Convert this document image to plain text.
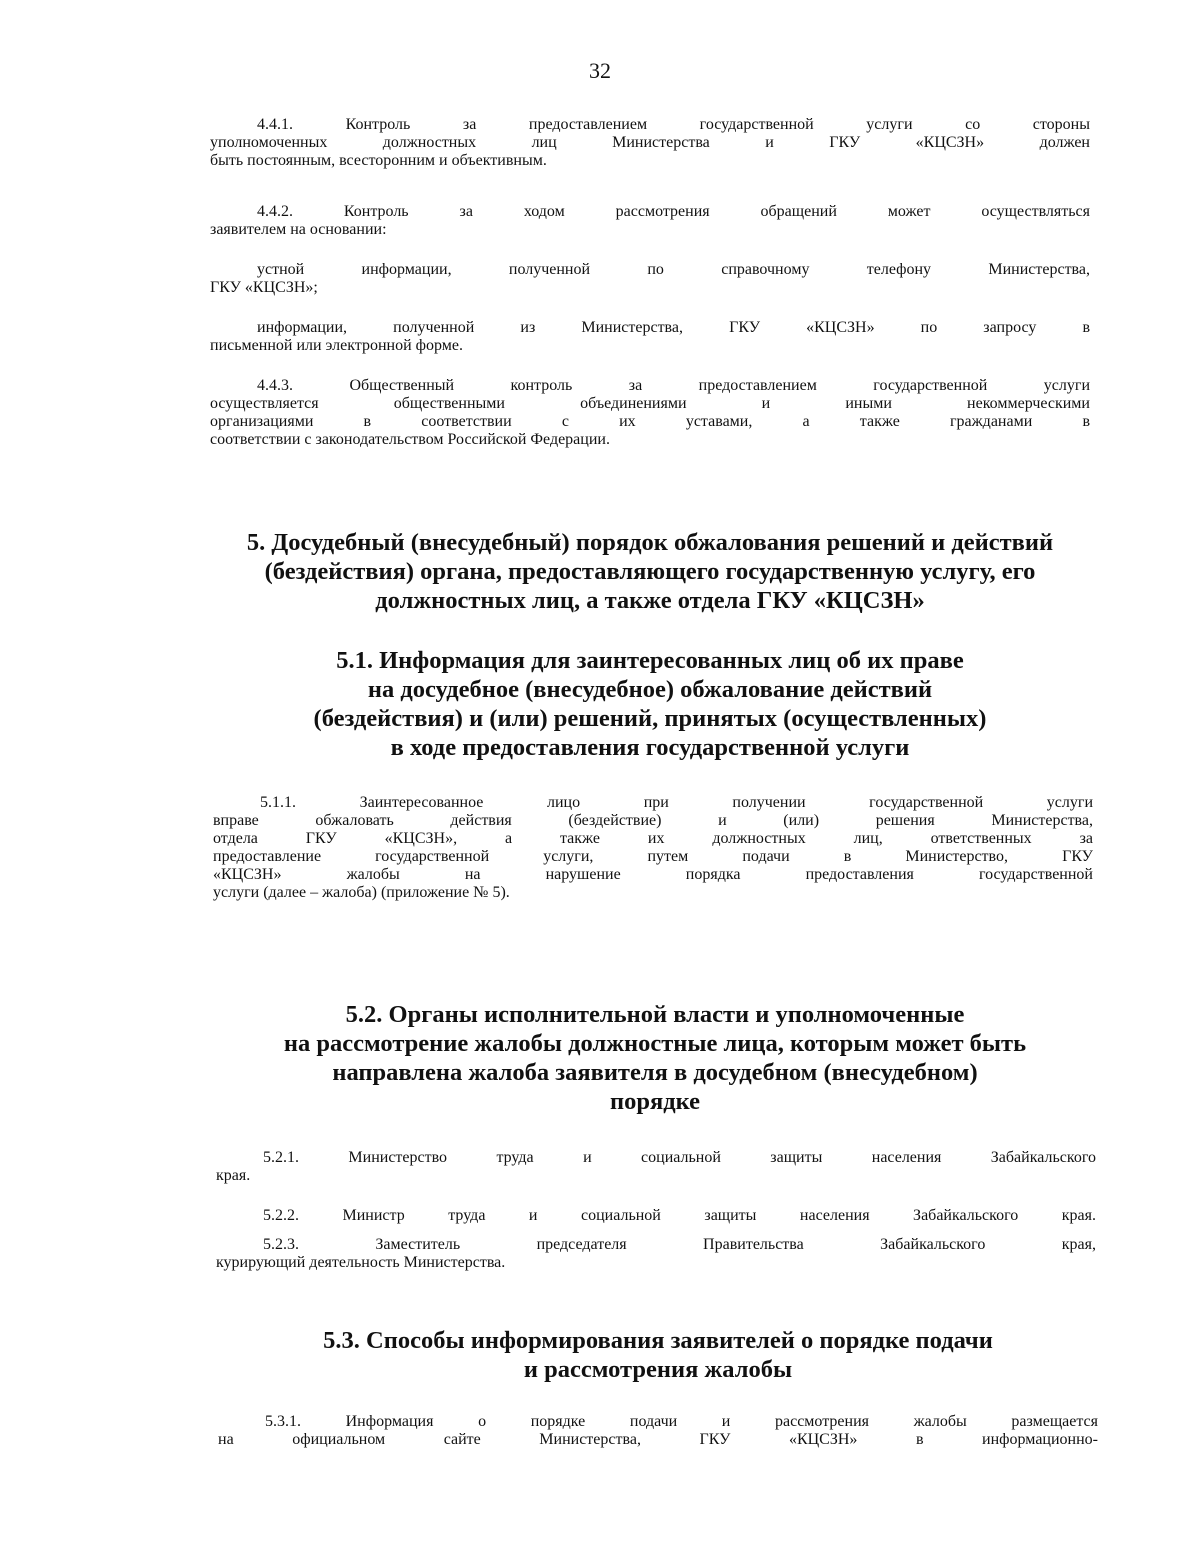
32
4.4.1. Контроль за предоставлением государственной услуги со стороны
уполномоченных должностных лиц Министерства и ГКУ «КЦСЗН» должен
быть постоянным, всесторонним и объективным.
4.4.2. Контроль за ходом рассмотрения обращений может осуществляться
заявителем на основании:
устной информации, полученной по справочному телефону Министерства,
ГКУ «КЦСЗН»;
информации, полученной из Министерства, ГКУ «КЦСЗН» по запросу в
письменной или электронной форме.
4.4.3. Общественный контроль за предоставлением государственной услуги
осуществляется общественными объединениями и иными некоммерческими
организациями в соответствии с их уставами, а также гражданами в
соответствии с законодательством Российской Федерации.
5. Досудебный (внесудебный) порядок обжалования решений и действий
(бездействия) органа, предоставляющего государственную услугу, его
должностных лиц, а также отдела ГКУ «КЦСЗН»
5.1. Информация для заинтересованных лиц об их праве
на досудебное (внесудебное) обжалование действий
(бездействия) и (или) решений, принятых (осуществленных)
в ходе предоставления государственной услуги
5.1.1. Заинтересованное лицо при получении государственной услуги
вправе обжаловать действия (бездействие) и (или) решения Министерства,
отдела ГКУ «КЦСЗН», а также их должностных лиц, ответственных за
предоставление государственной услуги, путем подачи в Министерство, ГКУ
«КЦСЗН» жалобы на нарушение порядка предоставления государственной
услуги (далее – жалоба) (приложение № 5).
5.2. Органы исполнительной власти и уполномоченные
на рассмотрение жалобы должностные лица, которым может быть
направлена жалоба заявителя в досудебном (внесудебном)
порядке
5.2.1. Министерство труда и социальной защиты населения Забайкальского
края.
5.2.2. Министр труда и социальной защиты населения Забайкальского края.
5.2.3. Заместитель председателя Правительства Забайкальского края,
курирующий деятельность Министерства.
5.3. Способы информирования заявителей о порядке подачи
и рассмотрения жалобы
5.3.1. Информация о порядке подачи и рассмотрения жалобы размещается
на официальном сайте Министерства, ГКУ «КЦСЗН» в информационно-
